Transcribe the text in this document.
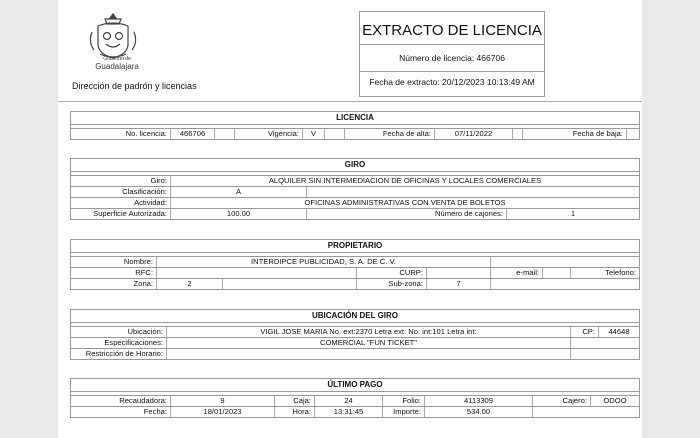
Gobierno de
Guadalajara
Dirección de padrón y licencias
EXTRACTO DE LICENCIA
Número de licencia: 466706
Fecha de extracto: 20/12/2023 10:13:49 AM
LICENCIA
No. licencia:	466706	Vigencia:	V	Fecha de alta:	07/11/2022	Fecha de baja:
GIRO
Giro:	ALQUILER SIN INTERMEDIACION DE OFICINAS Y LOCALES COMERCIALES
Clasificación:	A
Actividad:	OFICINAS ADMINISTRATIVAS CON VENTA DE BOLETOS
Superficie Autorizada:	100.00	Número de cajones:	1
PROPIETARIO
Nombre:	INTERDIPCE PUBLICIDAD, S. A. DE C. V.
RFC:	CURP:	e-mail:	Telefono:
Zona:	2	Sub-zona:	7
UBICACIÓN DEL GIRO
Ubicación:	VIGIL JOSE MARIA No. ext:2370 Letra ext: No. int:101 Letra int:	CP:	44648
Especificaciones:	COMERCIAL "FUN TICKET"
Restricción de Horario:
ÚLTIMO PAGO
Recaudadora:	9	Caja:	24	Folio:	4113309	Cajero:	ODOO
Fecha:	18/01/2023	Hora:	13:31:45	Importe:	534.00
